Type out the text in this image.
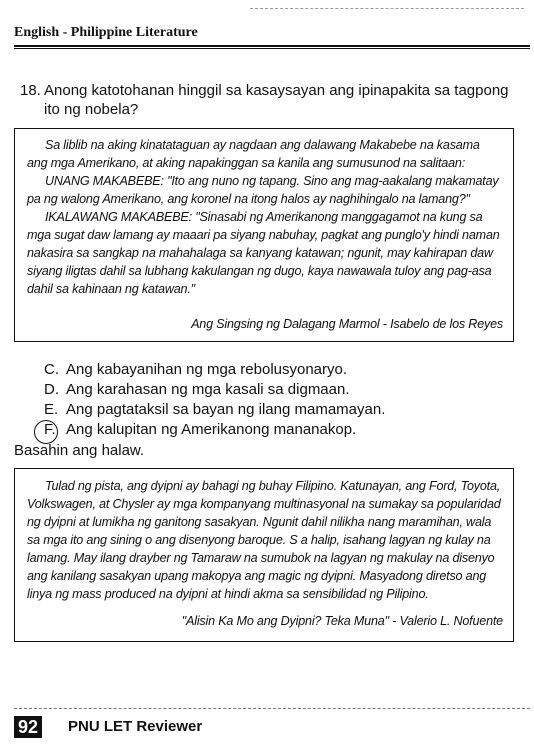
English - Philippine Literature
18. Anong katotohanan hinggil sa kasaysayan ang ipinapakita sa tagpong ito ng nobela?

Sa liblib na aking kinatataguan ay nagdaan ang dalawang Makabebe na kasama ang mga Amerikano, at aking napakinggan sa kanila ang sumusunod na salitaan:

UNANG MAKABEBE: "Ito ang nuno ng tapang. Sino ang mag-aakalang makamatay pa ng walong Amerikano, ang koronel na itong halos ay naghihingalo na lamang?"

IKALAWANG MAKABEBE: "Sinasabi ng Amerikanong manggagamot na kung sa mga sugat daw lamang ay maaari pa siyang nabuhay, pagkat ang punglo'y hindi naman nakasira sa sangkap na mahahalaga sa kanyang katawan; ngunit, may kahirapan daw siyang iligtas dahil sa lubhang kakulangan ng dugo, kaya nawawala tuloy ang pag-asa dahil sa kahinaan ng katawan."

Ang Singsing ng Dalagang Marmol - Isabelo de los Reyes
C. Ang kabayanihan ng mga rebolusyonaryo.
D. Ang karahasan ng mga kasali sa digmaan.
E. Ang pagtataksil sa bayan ng ilang mamamayan.
F. Ang kalupitan ng Amerikanong mananakop.
Basahin ang halaw.

Tulad ng pista, ang dyipni ay bahagi ng buhay Filipino. Katunayan, ang Ford, Toyota, Volkswagen, at Chysler ay mga kompanyang multinasyonal na sumakay sa popularidad ng dyipni at lumikha ng ganitong sasakyan. Ngunit dahil nilikha nang maramihan, wala sa mga ito ang sining o ang disenyong baroque. S a halip, isahang lagyan ng kulay na lamang. May ilang drayber ng Tamaraw na sumubok na lagyan ng makulay na disenyo ang kanilang sasakyan upang makopya ang magic ng dyipni. Masyadong diretso ang linya ng mass produced na dyipni at hindi akma sa sensibilidad ng Pilipino.

"Alisin Ka Mo ang Dyipni? Teka Muna" - Valerio L. Nofuente
92 PNU LET Reviewer
